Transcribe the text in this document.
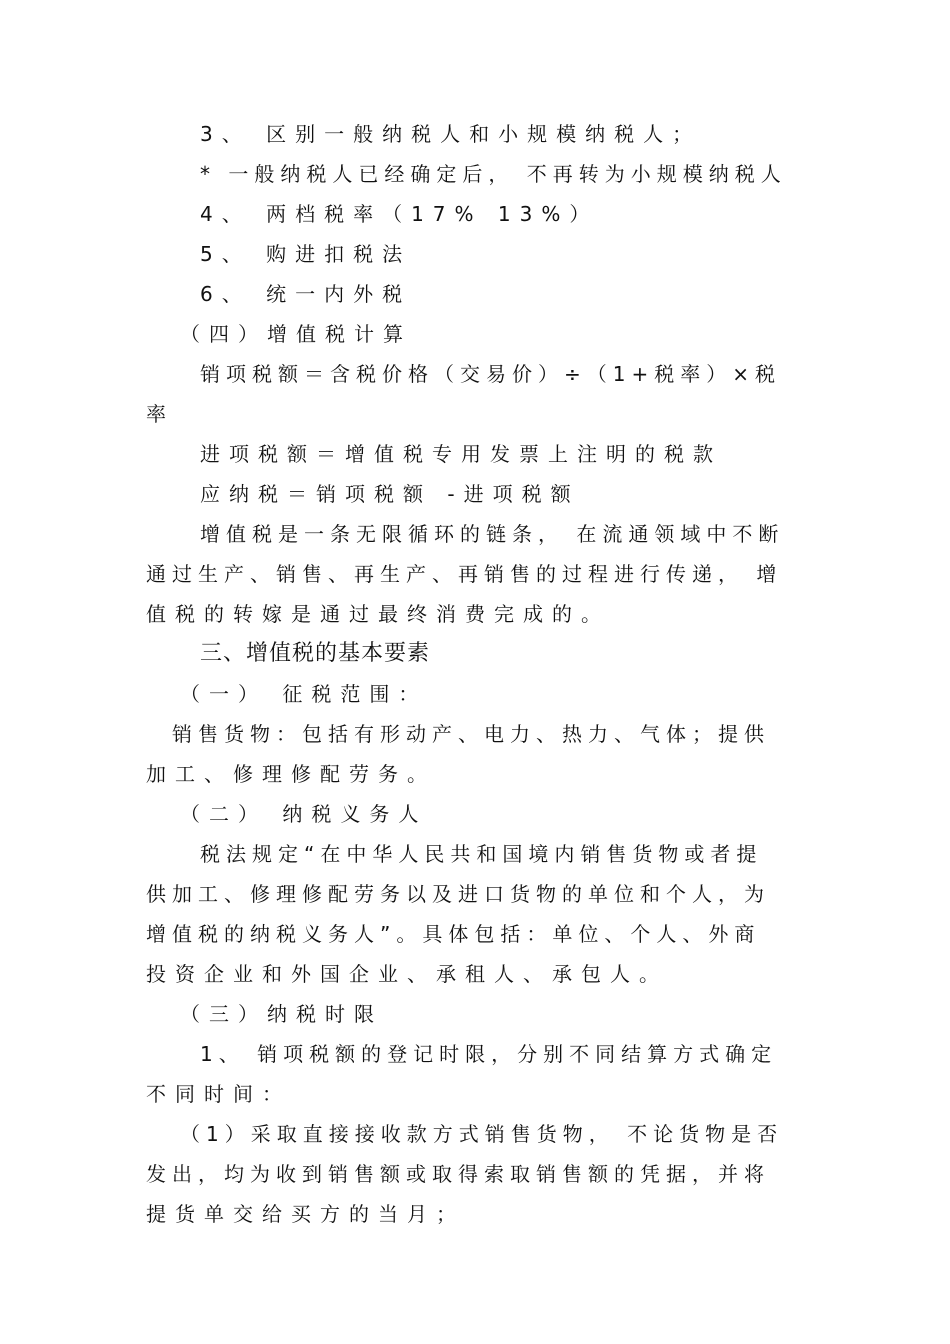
3、 区别一般纳税人和小规模纳税人；
* 一般纳税人已经确定后， 不再转为小规模纳税人
4、 两档税率（17% 13%）
5、 购进扣税法
6、 统一内外税
（四）增值税计算
销项税额＝含税价格（交易价）÷（1+税率）×税
率
进项税额＝增值税专用发票上注明的税款
应纳税＝销项税额 -进项税额
增值税是一条无限循环的链条， 在流通领域中不断
通过生产、销售、再生产、再销售的过程进行传递， 增
值税的转嫁是通过最终消费完成的。
三、增值税的基本要素
（一） 征税范围：
销售货物：包括有形动产、电力、热力、气体；提供
加工、修理修配劳务。
（二） 纳税义务人
税法规定“在中华人民共和国境内销售货物或者提
供加工、修理修配劳务以及进口货物的单位和个人，为
增值税的纳税义务人”。具体包括：单位、个人、外商
投资企业和外国企业、承租人、承包人。
（三）纳税时限
1、 销项税额的登记时限，分别不同结算方式确定
不同时间：
（1）采取直接接收款方式销售货物， 不论货物是否
发出，均为收到销售额或取得索取销售额的凭据，并将
提货单交给买方的当月；
